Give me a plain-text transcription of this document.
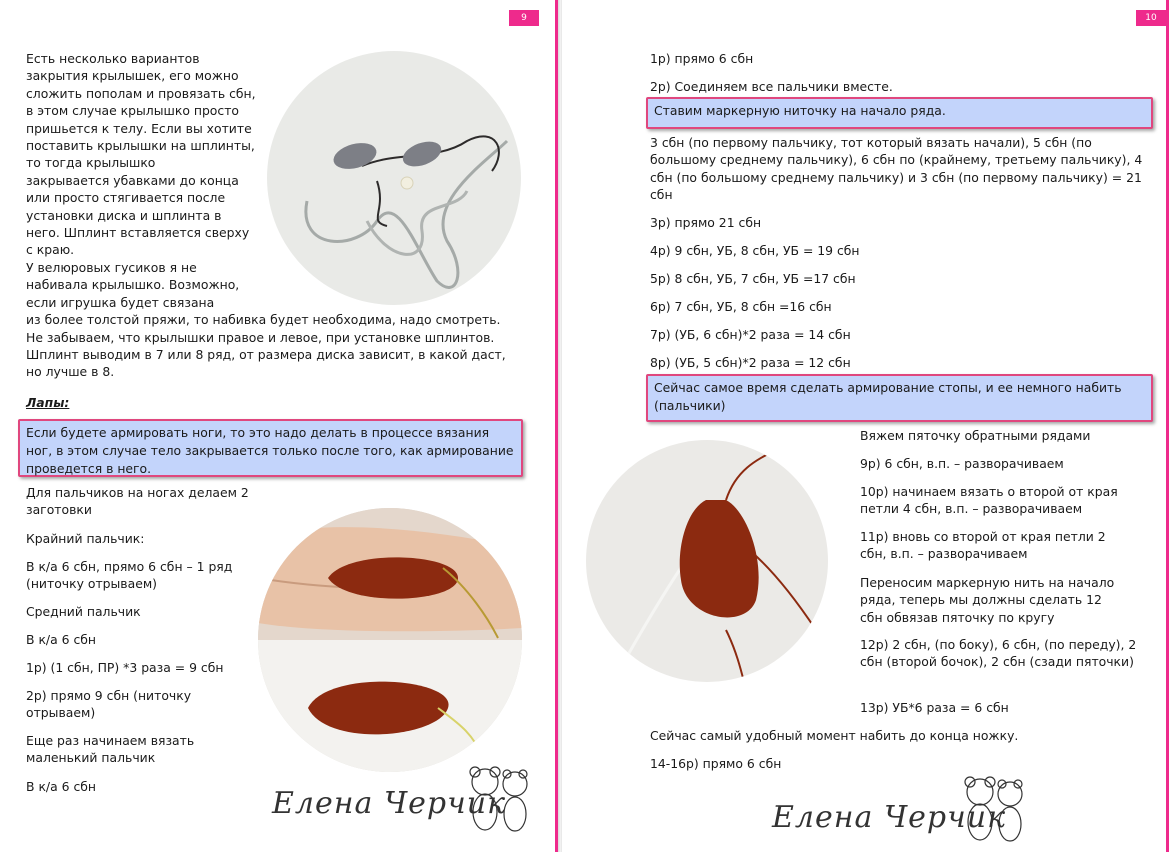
9
Есть несколько вариантов
закрытия крылышек, его можно
сложить пополам и провязать сбн,
в этом случае крылышко просто
пришьется к телу. Если вы хотите
поставить крылышки на шплинты,
то тогда крылышко
закрывается убавками до конца
или просто стягивается после
установки диска и шплинта в
него. Шплинт вставляется сверху
с краю.
У велюровых гусиков я не
набивала крылышко. Возможно,
если игрушка будет связана
из более толстой пряжи, то набивка будет необходима, надо смотреть.
Не забываем, что крылышки правое и левое, при установке шплинтов.
Шплинт выводим в 7 или 8 ряд, от размера диска зависит, в какой даст,
но лучше в 8.
Лапы:
Если будете армировать ноги, то это надо делать в процессе вязания ног, в этом случае тело закрывается только после того, как армирование проведется в него.
Для пальчиков на ногах делаем 2 заготовки
Крайний пальчик:
В к/а 6 сбн, прямо 6 сбн – 1 ряд (ниточку отрываем)
Средний пальчик
В к/а 6 сбн
1р) (1 сбн, ПР) *3 раза = 9 сбн
2р) прямо 9 сбн (ниточку отрываем)
Еще раз начинаем вязать маленький пальчик
В к/а 6 сбн	Елена Черчик
10
1р) прямо 6 сбн
2р) Соединяем все пальчики вместе.
Ставим маркерную ниточку на начало ряда.
3 сбн (по первому пальчику, тот который вязать начали), 5 сбн (по большому среднему пальчику), 6 сбн по (крайнему, третьему пальчику), 4 сбн (по большому среднему пальчику) и 3 сбн (по первому пальчику) = 21 сбн
3р) прямо 21 сбн
4р) 9 сбн, УБ, 8 сбн, УБ = 19 сбн
5р) 8 сбн, УБ, 7 сбн, УБ =17 сбн
6р) 7 сбн, УБ, 8 сбн =16 сбн
7р) (УБ, 6 сбн)*2 раза = 14 сбн
8р) (УБ, 5 сбн)*2 раза = 12 сбн
Сейчас самое время сделать армирование стопы, и ее немного набить (пальчики)
Вяжем пяточку обратными рядами
9р) 6 сбн, в.п. – разворачиваем
10р) начинаем вязать о второй от края петли 4 сбн, в.п. – разворачиваем
11р) вновь со второй от края петли 2 сбн, в.п. – разворачиваем
Переносим маркерную нить на начало ряда, теперь мы должны сделать 12 сбн обвязав пяточку по кругу
12р) 2 сбн, (по боку), 6 сбн, (по переду), 2 сбн (второй бочок), 2 сбн (сзади пяточки)
13р) УБ*6 раза = 6 сбн
Сейчас самый удобный момент набить до конца ножку.
14-16р) прямо 6 сбн
Елена Черчик
